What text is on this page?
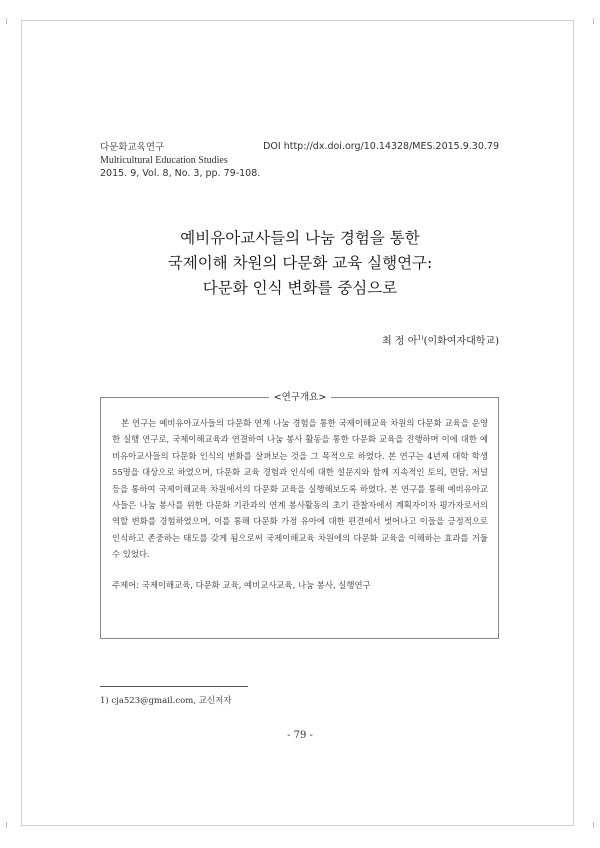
다문화교육연구
Multicultural Education Studies
2015. 9, Vol. 8, No. 3, pp. 79-108.
DOI http://dx.doi.org/10.14328/MES.2015.9.30.79
예비유아교사들의 나눔 경험을 통한
국제이해 차원의 다문화 교육 실행연구:
다문화 인식 변화를 중심으로
최 정 아$^{1)}$(이화여자대학교)
<연구개요>
본 연구는 예비유아교사들의 다문화 연계 나눔 경험을 통한 국제이해교육 차원의 다문화 교육을 운영한 실행 연구로, 국제이해교육과 연결하여 나눔 봉사 활동을 통한 다문화 교육을 진행하며 이에 대한 예비유아교사들의 다문화 인식의 변화를 살펴보는 것을 그 목적으로 하였다. 본 연구는 4년제 대학 학생 55명을 대상으로 하였으며, 다문화 교육 경험과 인식에 대한 설문지와 함께 지속적인 토의, 면담, 저널 등을 통하여 국제이해교육 차원에서의 다문화 교육을 실행해보도록 하였다. 본 연구를 통해 예비유아교사들은 나눔 봉사를 위한 다문화 기관과의 연계 봉사활동의 초기 관찰자에서 계획자이자 평가자로서의 역할 변화를 경험하였으며, 이를 통해 다문화 가정 유아에 대한 편견에서 벗어나고 이들을 긍정적으로 인식하고 존중하는 태도를 갖게 됨으로써 국제이해교육 차원에의 다문화 교육을 이해하는 효과를 거둘 수 있었다.
주제어: 국제이해교육, 다문화 교육, 예비교사교육, 나눔 봉사, 실행연구
1) cja523@gmail.com, 교신저자
- 79 -
